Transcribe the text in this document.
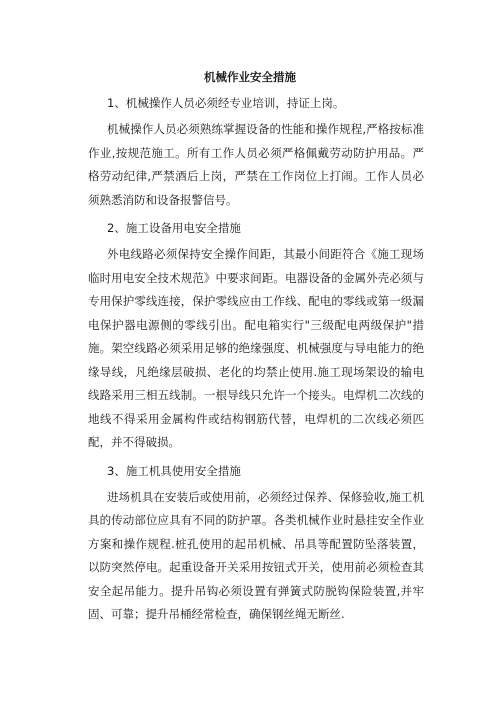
机械作业安全措施
1、机械操作人员必须经专业培训，持证上岗。

机械操作人员必须熟练掌握设备的性能和操作规程,严格按标准作业,按规范施工。所有工作人员必须严格佩戴劳动防护用品。严格劳动纪律,严禁酒后上岗，严禁在工作岗位上打闹。工作人员必须熟悉消防和设备报警信号。

2、施工设备用电安全措施

外电线路必须保持安全操作间距，其最小间距符合《施工现场临时用电安全技术规范》中要求间距。电器设备的金属外壳必须与专用保护零线连接，保护零线应由工作线、配电的零线或第一级漏电保护器电源侧的零线引出。配电箱实行"三级配电两级保护"措施。架空线路必须采用足够的绝缘强度、机械强度与导电能力的绝缘导线，凡绝缘层破损、老化的均禁止使用.施工现场架设的输电线路采用三相五线制。一根导线只允许一个接头。电焊机二次线的地线不得采用金属构件或结构钢筋代替，电焊机的二次线必须匹配，并不得破损。

3、施工机具使用安全措施

进场机具在安装后或使用前，必须经过保养、保修验收,施工机具的传动部位应具有不同的防护罩。各类机械作业时悬挂安全作业方案和操作规程.桩孔使用的起吊机械、吊具等配置防坠落装置，以防突然停电。起重设备开关采用按钮式开关，使用前必须检查其安全起吊能力。提升吊钩必须设置有弹簧式防脱钩保险装置,并牢固、可靠；提升吊桶经常检查，确保钢丝绳无断丝.
